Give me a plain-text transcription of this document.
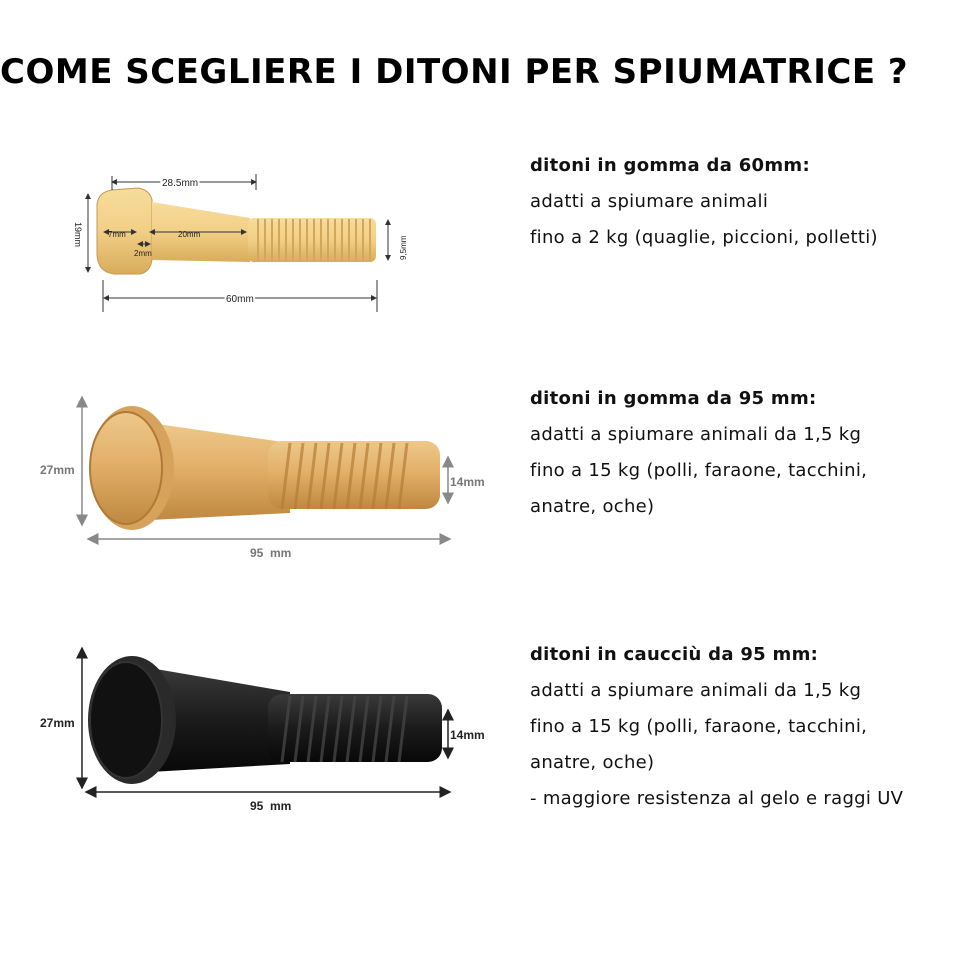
COME SCEGLIERE I DITONI PER SPIUMATRICE ?
28.5mm
7mm	20mm
2mm
19mm
9,5mm
60mm
ditoni in gomma da 60mm:
adatti a spiumare animali
fino a 2 kg (quaglie, piccioni, polletti)
27mm
14mm
95  mm
ditoni in gomma da 95 mm:
adatti a spiumare animali da 1,5 kg
fino a 15 kg (polli, faraone, tacchini,
anatre, oche)
27mm
14mm
95  mm
ditoni in caucciù da 95 mm:
adatti a spiumare animali da 1,5 kg
fino a 15 kg (polli, faraone, tacchini,
anatre, oche)
- maggiore resistenza al gelo e raggi UV
